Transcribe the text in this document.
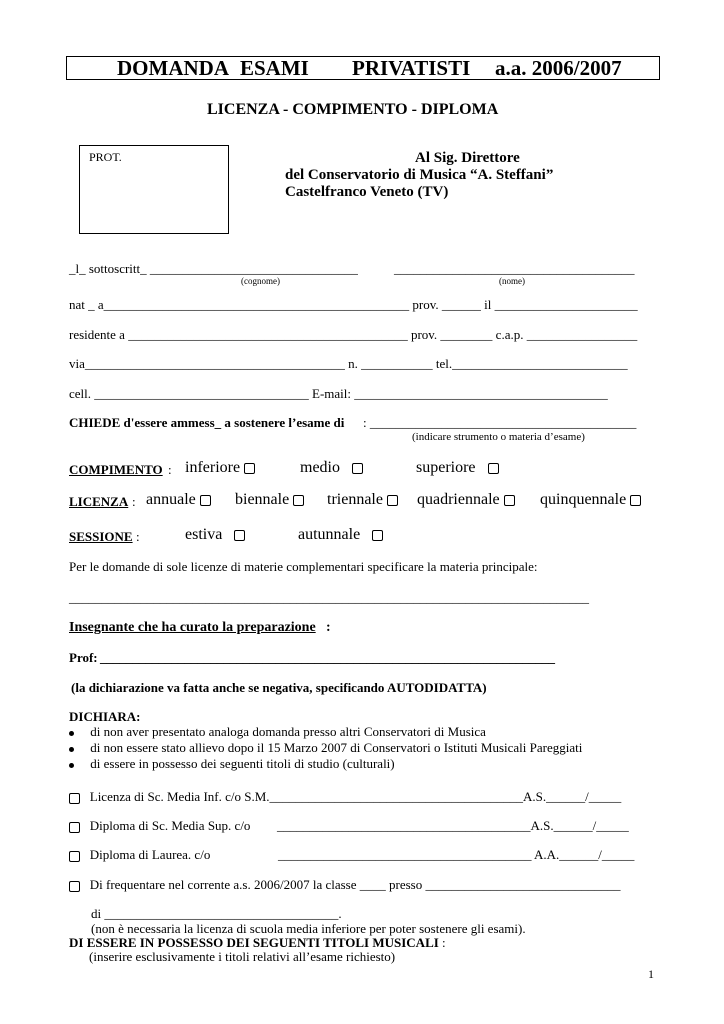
DOMANDA ESAMI PRIVATISTI a.a. 2006/2007
LICENZA - COMPIMENTO - DIPLOMA
PROT.	Al Sig. Direttore
del Conservatorio di Musica “A. Steffani”
Castelfranco Veneto (TV)
_l_ sottoscritt_ ________________________________	_____________________________________
(cognome)	(nome)
nat _ a_______________________________________________ prov. ______ il ______________________
residente a ___________________________________________ prov. ________ c.a.p. _________________
via________________________________________ n. ___________ tel.___________________________
cell. _________________________________ E-mail: _______________________________________
CHIEDE d'essere ammess_ a sostenere l’esame di : _________________________________________
(indicare strumento o materia d’esame)
COMPIMENTO : inferiore	medio	superiore
LICENZA : annuale	biennale	triennale	quadriennale	quinquennale
SESSIONE :	estiva	autunnale
Per le domande di sole licenze di materie complementari specificare la materia principale:
________________________________________________________________________________
Insegnante che ha curato la preparazione :
Prof: ______________________________________________________________________
(la dichiarazione va fatta anche se negativa, specificando AUTODIDATTA)
DICHIARA:
di non aver presentato analoga domanda presso altri Conservatori di Musica
di non essere stato allievo dopo il 15 Marzo 2007 di Conservatori o Istituti Musicali Pareggiati
di essere in possesso dei seguenti titoli di studio (culturali)
Licenza di Sc. Media Inf. c/o S.M._______________________________________A.S.______/_____
Diploma di Sc. Media Sup. c/o _______________________________________A.S.______/_____
Diploma di Laurea. c/o	_______________________________________ A.A.______/_____
Di frequentare nel corrente a.s. 2006/2007 la classe ____ presso ______________________________
di ____________________________________.
(non è necessaria la licenza di scuola media inferiore per poter sostenere gli esami).
DI ESSERE IN POSSESSO DEI SEGUENTI TITOLI MUSICALI :
(inserire esclusivamente i titoli relativi all’esame richiesto)
1
